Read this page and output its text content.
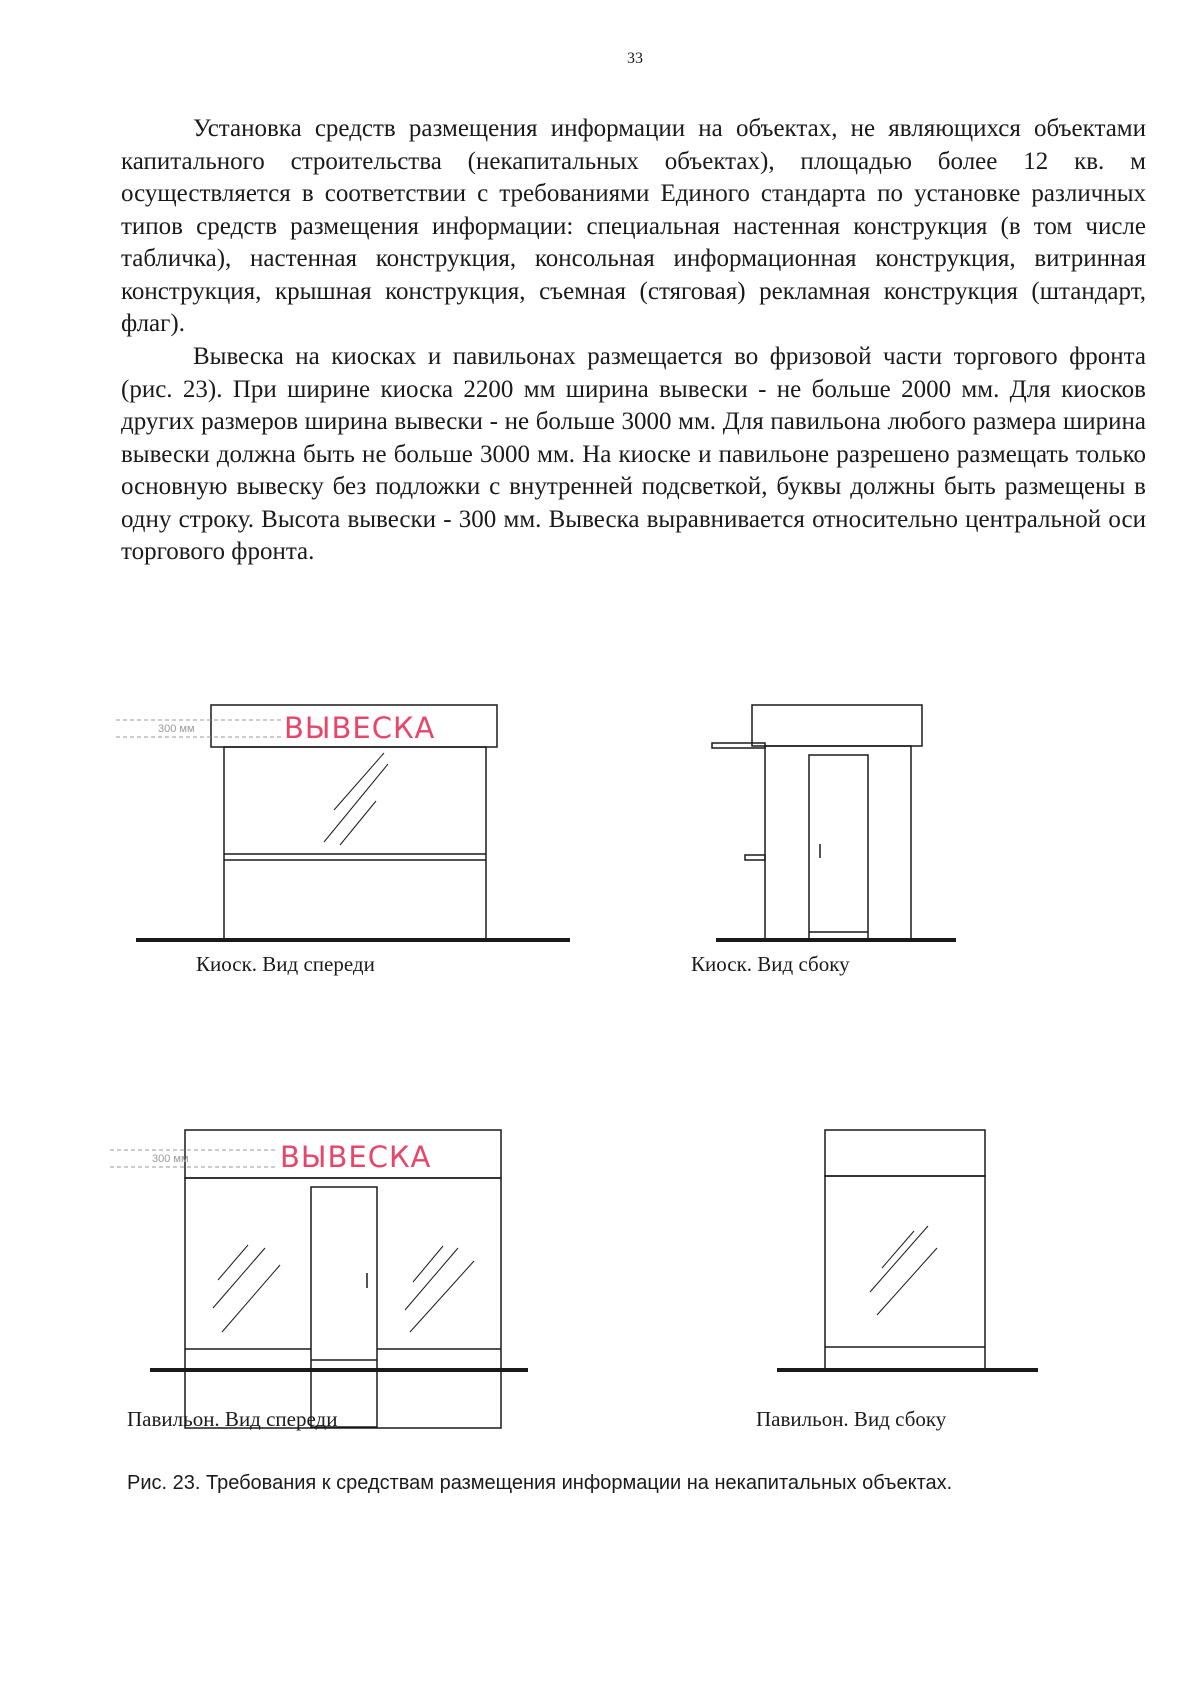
33

Установка средств размещения информации на объектах, не являющихся объектами капитального строительства (некапитальных объектах), площадью более 12 кв. м осуществляется в соответствии с требованиями Единого стандарта по установке различных типов средств размещения информации: специальная настенная конструкция (в том числе табличка), настенная конструкция, консольная информационная конструкция, витринная конструкция, крышная конструкция, съемная (стяговая) рекламная конструкция (штандарт, флаг).

Вывеска на киосках и павильонах размещается во фризовой части торгового фронта (рис. 23). При ширине киоска 2200 мм ширина вывески - не больше 2000 мм. Для киосков других размеров ширина вывески - не больше 3000 мм. Для павильона любого размера ширина вывески должна быть не больше 3000 мм. На киоске и павильоне разрешено размещать только основную вывеску без подложки с внутренней подсветкой, буквы должны быть размещены в одну строку. Высота вывески - 300 мм. Вывеска выравнивается относительно центральной оси торгового фронта.

300 мм	ВЫВЕСКА
Киоск. Вид спереди	Киоск. Вид сбоку
300 мм	ВЫВЕСКА
Павильон. Вид спереди	Павильон. Вид сбоку
Рис. 23. Требования к средствам размещения информации на некапитальных объектах.
